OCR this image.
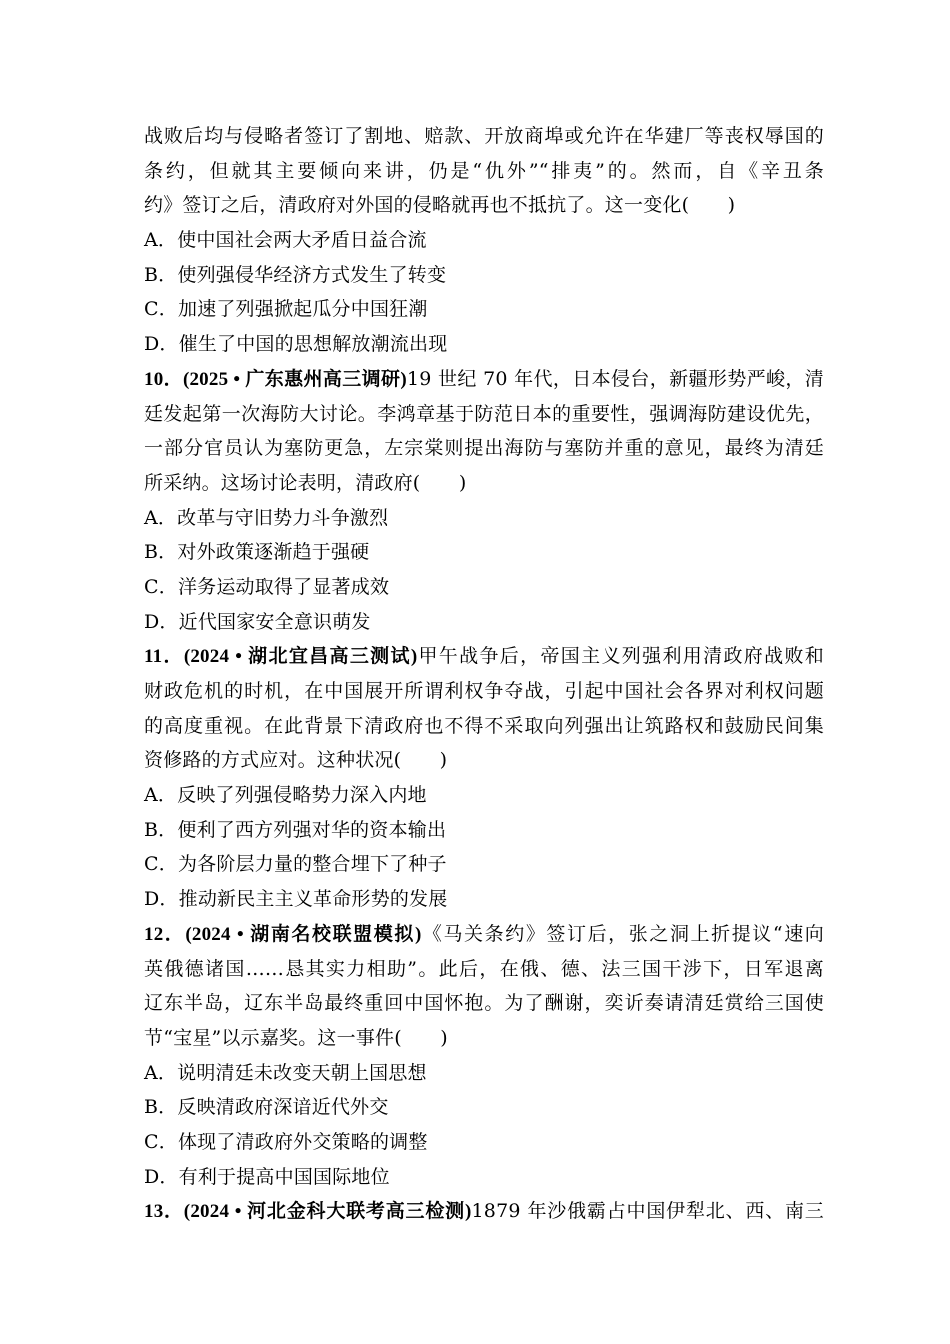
战败后均与侵略者签订了割地、赔款、开放商埠或允许在华建厂等丧权辱国的
条约，但就其主要倾向来讲，仍是“仇外”“排夷”的。然而，自《辛丑条
约》签订之后，清政府对外国的侵略就再也不抵抗了。这一变化(　　)
A．使中国社会两大矛盾日益合流
B．使列强侵华经济方式发生了转变
C．加速了列强掀起瓜分中国狂潮
D．催生了中国的思想解放潮流出现
10．(2025 • 广东惠州高三调研)19 世纪 70 年代，日本侵台，新疆形势严峻，清
廷发起第一次海防大讨论。李鸿章基于防范日本的重要性，强调海防建设优先，
一部分官员认为塞防更急，左宗棠则提出海防与塞防并重的意见，最终为清廷
所采纳。这场讨论表明，清政府(　　)
A．改革与守旧势力斗争激烈
B．对外政策逐渐趋于强硬
C．洋务运动取得了显著成效
D．近代国家安全意识萌发
11．(2024 • 湖北宜昌高三测试)甲午战争后，帝国主义列强利用清政府战败和
财政危机的时机，在中国展开所谓利权争夺战，引起中国社会各界对利权问题
的高度重视。在此背景下清政府也不得不采取向列强出让筑路权和鼓励民间集
资修路的方式应对。这种状况(　　)
A．反映了列强侵略势力深入内地
B．便利了西方列强对华的资本输出
C．为各阶层力量的整合埋下了种子
D．推动新民主主义革命形势的发展
12．(2024 • 湖南名校联盟模拟)《马关条约》签订后，张之洞上折提议“速向
英俄德诸国……恳其实力相助”。此后，在俄、德、法三国干涉下，日军退离
辽东半岛，辽东半岛最终重回中国怀抱。为了酬谢，奕䜣奏请清廷赏给三国使
节“宝星”以示嘉奖。这一事件(　　)
A．说明清廷未改变天朝上国思想
B．反映清政府深谙近代外交
C．体现了清政府外交策略的调整
D．有利于提高中国国际地位
13．(2024 • 河北金科大联考高三检测)1879 年沙俄霸占中国伊犁北、西、南三
